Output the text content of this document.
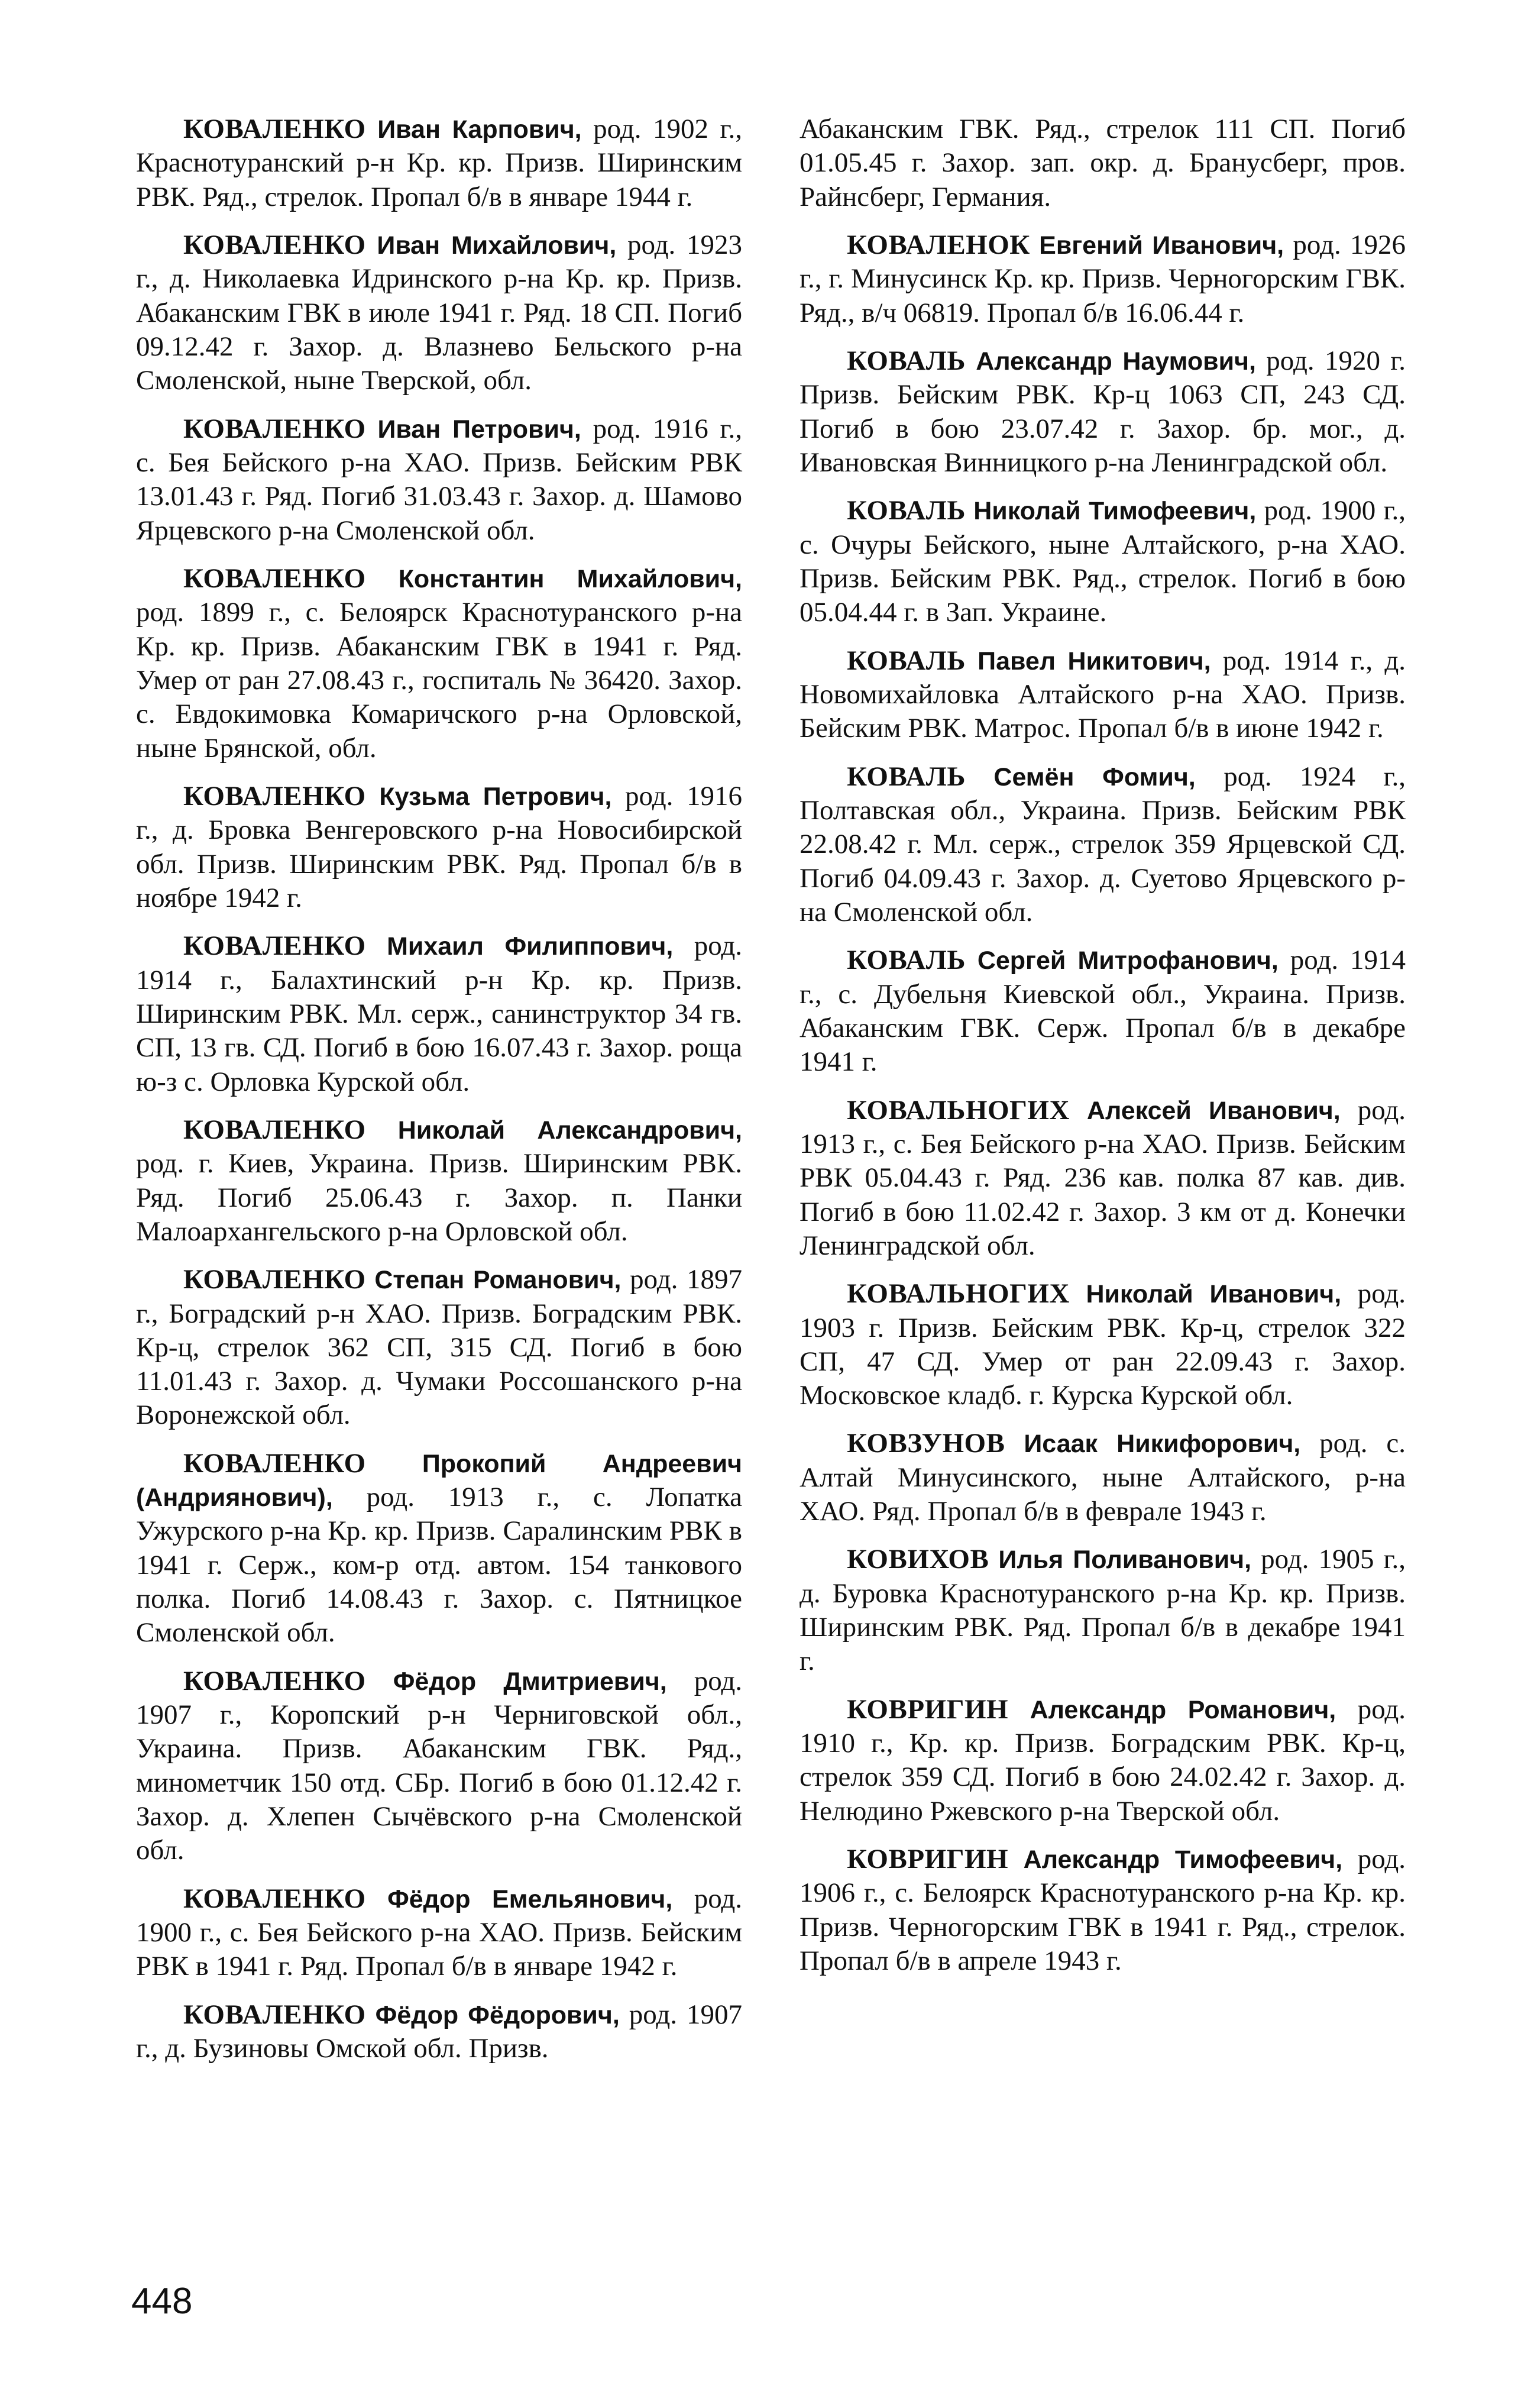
КОВАЛЕНКО Иван Карпович, род. 1902 г., Краснотуранский р-н Кр. кр. Призв. Ширинским РВК. Ряд., стрелок. Пропал б/в в январе 1944 г.

КОВАЛЕНКО Иван Михайлович, род. 1923 г., д. Николаевка Идринского р-на Кр. кр. Призв. Абаканским ГВК в июле 1941 г. Ряд. 18 СП. Погиб 09.12.42 г. Захор. д. Влазнево Бельского р-на Смоленской, ныне Тверской, обл.

КОВАЛЕНКО Иван Петрович, род. 1916 г., с. Бея Бейского р-на ХАО. Призв. Бейским РВК 13.01.43 г. Ряд. Погиб 31.03.43 г. Захор. д. Шамово Ярцевского р-на Смоленской обл.

КОВАЛЕНКО Константин Михайлович, род. 1899 г., с. Белоярск Краснотуранского р-на Кр. кр. Призв. Абаканским ГВК в 1941 г. Ряд. Умер от ран 27.08.43 г., госпиталь № 36420. Захор. с. Евдокимовка Комаричского р-на Орловской, ныне Брянской, обл.

КОВАЛЕНКО Кузьма Петрович, род. 1916 г., д. Бровка Венгеровского р-на Новосибирской обл. Призв. Ширинским РВК. Ряд. Пропал б/в в ноябре 1942 г.

КОВАЛЕНКО Михаил Филиппович, род. 1914 г., Балахтинский р-н Кр. кр. Призв. Ширинским РВК. Мл. серж., санинструктор 34 гв. СП, 13 гв. СД. Погиб в бою 16.07.43 г. Захор. роща ю-з с. Орловка Курской обл.

КОВАЛЕНКО Николай Александрович, род. г. Киев, Украина. Призв. Ширинским РВК. Ряд. Погиб 25.06.43 г. Захор. п. Панки Малоархангельского р-на Орловской обл.

КОВАЛЕНКО Степан Романович, род. 1897 г., Боградский р-н ХАО. Призв. Боградским РВК. Кр-ц, стрелок 362 СП, 315 СД. Погиб в бою 11.01.43 г. Захор. д. Чумаки Россошанского р-на Воронежской обл.

КОВАЛЕНКО Прокопий Андреевич (Андриянович), род. 1913 г., с. Лопатка Ужурского р-на Кр. кр. Призв. Саралинским РВК в 1941 г. Серж., ком-р отд. автом. 154 танкового полка. Погиб 14.08.43 г. Захор. с. Пятницкое Смоленской обл.

КОВАЛЕНКО Фёдор Дмитриевич, род. 1907 г., Коропский р-н Черниговской обл., Украина. Призв. Абаканским ГВК. Ряд., минометчик 150 отд. СБр. Погиб в бою 01.12.42 г. Захор. д. Хлепен Сычёвского р-на Смоленской обл.

КОВАЛЕНКО Фёдор Емельянович, род. 1900 г., с. Бея Бейского р-на ХАО. Призв. Бейским РВК в 1941 г. Ряд. Пропал б/в в январе 1942 г.

КОВАЛЕНКО Фёдор Фёдорович, род. 1907 г., д. Бузиновы Омской обл. Призв.

Абаканским ГВК. Ряд., стрелок 111 СП. Погиб 01.05.45 г. Захор. зап. окр. д. Бранусберг, пров. Райнсберг, Германия.

КОВАЛЕНОК Евгений Иванович, род. 1926 г., г. Минусинск Кр. кр. Призв. Черногорским ГВК. Ряд., в/ч 06819. Пропал б/в 16.06.44 г.

КОВАЛЬ Александр Наумович, род. 1920 г. Призв. Бейским РВК. Кр-ц 1063 СП, 243 СД. Погиб в бою 23.07.42 г. Захор. бр. мог., д. Ивановская Винницкого р-на Ленинградской обл.

КОВАЛЬ Николай Тимофеевич, род. 1900 г., с. Очуры Бейского, ныне Алтайского, р-на ХАО. Призв. Бейским РВК. Ряд., стрелок. Погиб в бою 05.04.44 г. в Зап. Украине.

КОВАЛЬ Павел Никитович, род. 1914 г., д. Новомихайловка Алтайского р-на ХАО. Призв. Бейским РВК. Матрос. Пропал б/в в июне 1942 г.

КОВАЛЬ Семён Фомич, род. 1924 г., Полтавская обл., Украина. Призв. Бейским РВК 22.08.42 г. Мл. серж., стрелок 359 Ярцевской СД. Погиб 04.09.43 г. Захор. д. Суетово Ярцевского р-на Смоленской обл.

КОВАЛЬ Сергей Митрофанович, род. 1914 г., с. Дубельня Киевской обл., Украина. Призв. Абаканским ГВК. Серж. Пропал б/в в декабре 1941 г.

КОВАЛЬНОГИХ Алексей Иванович, род. 1913 г., с. Бея Бейского р-на ХАО. Призв. Бейским РВК 05.04.43 г. Ряд. 236 кав. полка 87 кав. див. Погиб в бою 11.02.42 г. Захор. 3 км от д. Конечки Ленинградской обл.

КОВАЛЬНОГИХ Николай Иванович, род. 1903 г. Призв. Бейским РВК. Кр-ц, стрелок 322 СП, 47 СД. Умер от ран 22.09.43 г. Захор. Московское кладб. г. Курска Курской обл.

КОВЗУНОВ Исаак Никифорович, род. с. Алтай Минусинского, ныне Алтайского, р-на ХАО. Ряд. Пропал б/в в феврале 1943 г.

КОВИХОВ Илья Поливанович, род. 1905 г., д. Буровка Краснотуранского р-на Кр. кр. Призв. Ширинским РВК. Ряд. Пропал б/в в декабре 1941 г.

КОВРИГИН Александр Романович, род. 1910 г., Кр. кр. Призв. Боградским РВК. Кр-ц, стрелок 359 СД. Погиб в бою 24.02.42 г. Захор. д. Нелюдино Ржевского р-на Тверской обл.

КОВРИГИН Александр Тимофеевич, род. 1906 г., с. Белоярск Краснотуранского р-на Кр. кр. Призв. Черногорским ГВК в 1941 г. Ряд., стрелок. Пропал б/в в апреле 1943 г.

448
